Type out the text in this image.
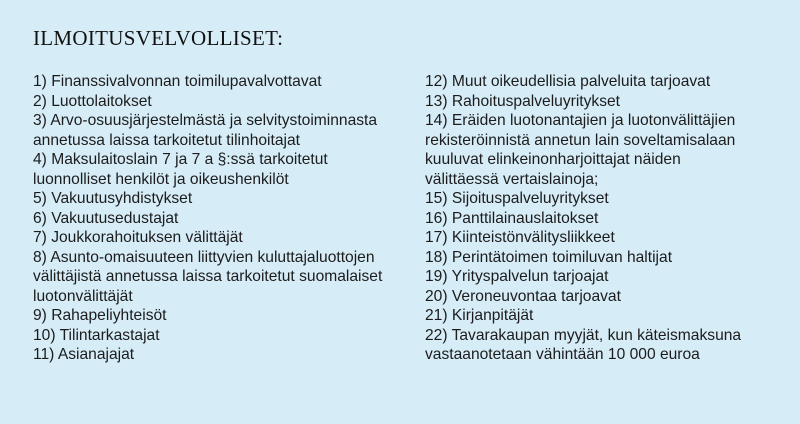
ILMOITUSVELVOLLISET:
1) Finanssivalvonnan toimilupavalvottavat
2) Luottolaitokset
3) Arvo-osuusjärjestelmästä ja selvitystoiminnasta
annetussa laissa tarkoitetut tilinhoitajat
4) Maksulaitoslain 7 ja 7 a §:ssä tarkoitetut
luonnolliset henkilöt ja oikeushenkilöt
5) Vakuutusyhdistykset
6) Vakuutusedustajat
7) Joukkorahoituksen välittäjät
8) Asunto-omaisuuteen liittyvien kuluttajaluottojen
välittäjistä annetussa laissa tarkoitetut suomalaiset
luotonvälittäjät
9) Rahapeliyhteisöt
10) Tilintarkastajat
11) Asianajajat
12) Muut oikeudellisia palveluita tarjoavat
13) Rahoituspalveluyritykset
14) Eräiden luotonantajien ja luotonvälittäjien
rekisteröinnistä annetun lain soveltamisalaan
kuuluvat elinkeinonharjoittajat näiden
välittäessä vertaislainoja;
15) Sijoituspalveluyritykset
16) Panttilainauslaitokset
17) Kiinteistönvälitysliikkeet
18) Perintätoimen toimiluvan haltijat
19) Yrityspalvelun tarjoajat
20) Veroneuvontaa tarjoavat
21) Kirjanpitäjät
22) Tavarakaupan myyjät, kun käteismaksuna
vastaanotetaan vähintään 10 000 euroa
